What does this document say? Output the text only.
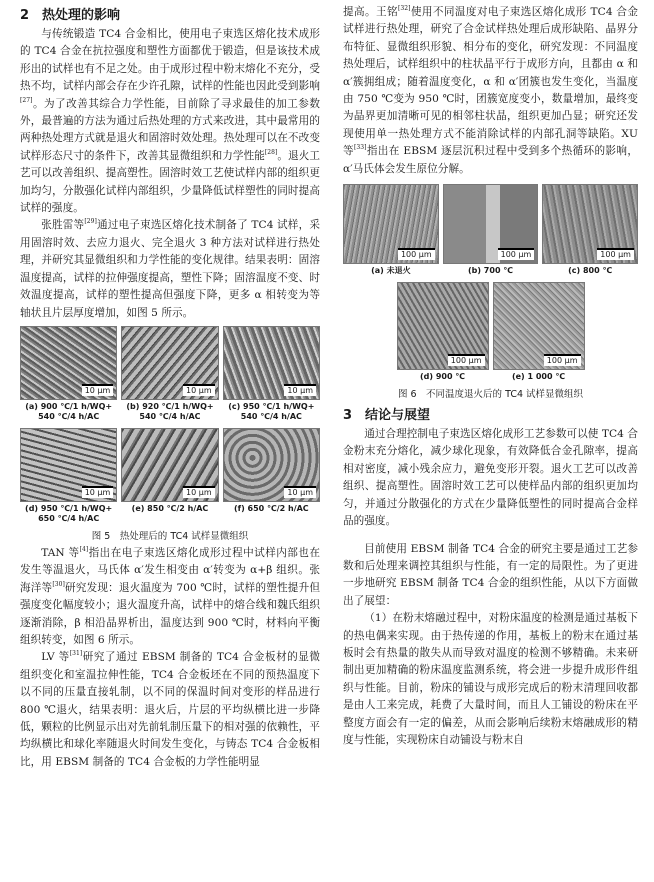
2 热处理的影响

与传统锻造 TC4 合金相比，使用电子束选区熔化技术成形的 TC4 合金在抗拉强度和塑性方面都优于锻造，但是该技术成形出的试样也有不足之处。由于成形过程中粉末熔化不充分，受热不均，试样内部会存在少许孔隙，试样的性能也因此受到影响[27]。为了改善其综合力学性能，目前除了寻求最佳的加工参数外，最普遍的方法为通过后热处理的方式来改进，其中最常用的两种热处理方式就是退火和固溶时效处理。热处理可以在不改变试样形态尺寸的条件下，改善其显微组织和力学性能[28]。退火工艺可以改善组织、提高塑性。固溶时效工艺使试样内部的组织更加均匀，分散强化试样内部组织，少量降低试样塑性的同时提高试样的强度。

张胜雷等[29]通过电子束选区熔化技术制备了 TC4 试样，采用固溶时效、去应力退火、完全退火 3 种方法对试样进行热处理，并研究其显微组织和力学性能的变化规律。结果表明：固溶温度提高，试样的拉伸强度提高，塑性下降；固溶温度不变、时效温度提高，试样的塑性提高但强度下降，更多 α 相转变为等轴状且片层厚度增加，如图 5 所示。

10 μm
(a) 900 ℃/1 h/WQ+
540 ℃/4 h/AC
10 μm
(b) 920 ℃/1 h/WQ+
540 ℃/4 h/AC
10 μm
(c) 950 ℃/1 h/WQ+
540 ℃/4 h/AC
10 μm
(d) 950 ℃/1 h/WQ+
650 ℃/4 h/AC
10 μm
(e) 850 ℃/2 h/AC
10 μm
(f) 650 ℃/2 h/AC
图 5　热处理后的 TC4 试样显微组织

TAN 等[4]指出在电子束选区熔化成形过程中试样内部也在发生等温退火，马氏体 α′发生相变由 α′转变为 α+β 组织。张海洋等[30]研究发现：退火温度为 700 ℃时，试样的塑性提升但强度变化幅度较小；退火温度升高，试样中的熔合线和魏氏组织逐渐消除，β 相沿晶界析出，温度达到 900 ℃时，材料向平衡组织转变，如图 6 所示。

LV 等[31]研究了通过 EBSM 制备的 TC4 合金板材的显微组织变化和室温拉伸性能，TC4 合金板坯在不同的预热温度下以不同的压量直接轧制，以不同的保温时间对变形的样品进行 800 ℃退火，结果表明：退火后，片层的平均纵横比进一步降低，颗粒的比例显示出对先前轧制压量下的相对强的依赖性，平均纵横比和球化率随退火时间发生变化，与铸态 TC4 合金板相比，用 EBSM 制备的 TC4 合金板的力学性能明显

提高。王铭[32]使用不同温度对电子束选区熔化成形 TC4 合金试样进行热处理，研究了合金试样热处理后成形缺陷、晶界分布特征、显微组织形貌、相分布的变化，研究发现：不同温度热处理后，试样组织中的柱状晶平行于成形方向，且都由 α 和 α′簇拥组成；随着温度变化，α 和 α′团簇也发生变化，当温度由 750 ℃变为 950 ℃时，团簇宽度变小，数量增加，最终变为晶界更加清晰可见的相邻柱状晶，组织更加凸显；研究还发现使用单一热处理方式不能消除试样的内部孔洞等缺陷。XU 等[33]指出在 EBSM 逐层沉积过程中受到多个热循环的影响，α′马氏体会发生原位分解。

100 μm
(a) 未退火
100 μm
(b) 700 ℃
100 μm
(c) 800 ℃
100 μm
(d) 900 ℃
100 μm
(e) 1 000 ℃
图 6　不同温度退火后的 TC4 试样显微组织
3 结论与展望

通过合理控制电子束选区熔化成形工艺参数可以使 TC4 合金粉末充分熔化，减少球化现象，有效降低合金孔隙率，提高相对密度，减小残余应力，避免变形开裂。退火工艺可以改善组织、提高塑性。固溶时效工艺可以使样品内部的组织更加均匀，并通过分散强化的方式在少量降低塑性的同时提高合金样品的强度。

目前使用 EBSM 制备 TC4 合金的研究主要是通过工艺参数和后处理来调控其组织与性能，有一定的局限性。为了更进一步地研究 EBSM 制备 TC4 合金的组织性能，从以下方面做出了展望：

（1）在粉末熔融过程中，对粉床温度的检测是通过基板下的热电偶来实现。由于热传递的作用，基板上的粉末在通过基板时会有热量的散失从而导致对温度的检测不够精确。未来研制出更加精确的粉床温度监测系统，将会进一步提升成形件组织与性能。目前，粉床的铺设与成形完成后的粉末清理回收都是由人工来完成，耗费了大量时间，而且人工铺设的粉床在平整度方面会有一定的偏差，从而会影响后续粉末熔融成形的精度与性能，实现粉床自动铺设与粉末自
